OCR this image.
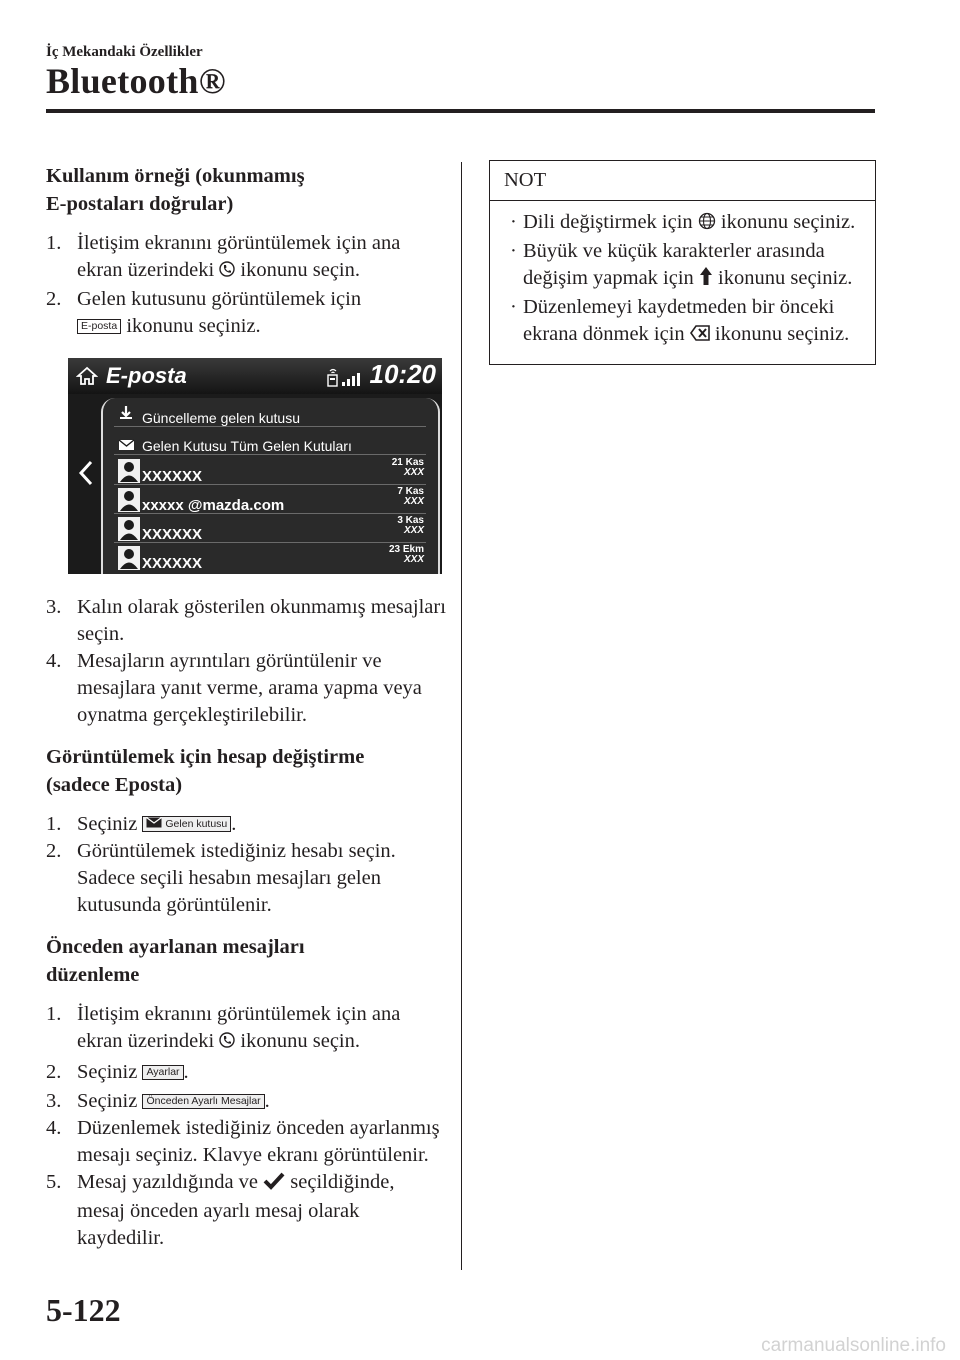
İç Mekandaki Özellikler
Bluetooth®
Kullanım örneği (okunmamış
E-postaları doğrular)
1. İletişim ekranını görüntülemek için ana ekran üzerindeki ikonunu seçin.
2. Gelen kutusunu görüntülemek için
E-posta ikonunu seçiniz.
E-posta	10:20
Güncelleme gelen kutusu
Gelen Kutusu Tüm Gelen Kutuları
XXXXXX
21 Kas
XXX
xxxxx @mazda.com
7 Kas
XXX
XXXXXX
3 Kas
XXX
XXXXXX
23 Ekm
XXX
3. Kalın olarak gösterilen okunmamış mesajları seçin.
4. Mesajların ayrıntıları görüntülenir ve mesajlara yanıt verme, arama yapma veya oynatma gerçekleştirilebilir.
Görüntülemek için hesap değiştirme
(sadece Eposta)
1. Seçiniz	Gelen kutusu .
2. Görüntülemek istediğiniz hesabı seçin. Sadece seçili hesabın mesajları gelen kutusunda görüntülenir.
Önceden ayarlanan mesajları
düzenleme
1. İletişim ekranını görüntülemek için ana ekran üzerindeki ikonunu seçin.
2. Seçiniz Ayarlar .
3. Seçiniz Önceden Ayarlı Mesajlar .
4. Düzenlemek istediğiniz önceden ayarlanmış mesajı seçiniz. Klavye ekranı görüntülenir.
5. Mesaj yazıldığında ve seçildiğinde, mesaj önceden ayarlı mesaj olarak kaydedilir.
NOT
· Dili değiştirmek için ikonunu seçiniz.
· Büyük ve küçük karakterler arasında değişim yapmak için ikonunu seçiniz.
· Düzenlemeyi kaydetmeden bir önceki ekrana dönmek için ikonunu seçiniz.
5-122
carmanualsonline.info
